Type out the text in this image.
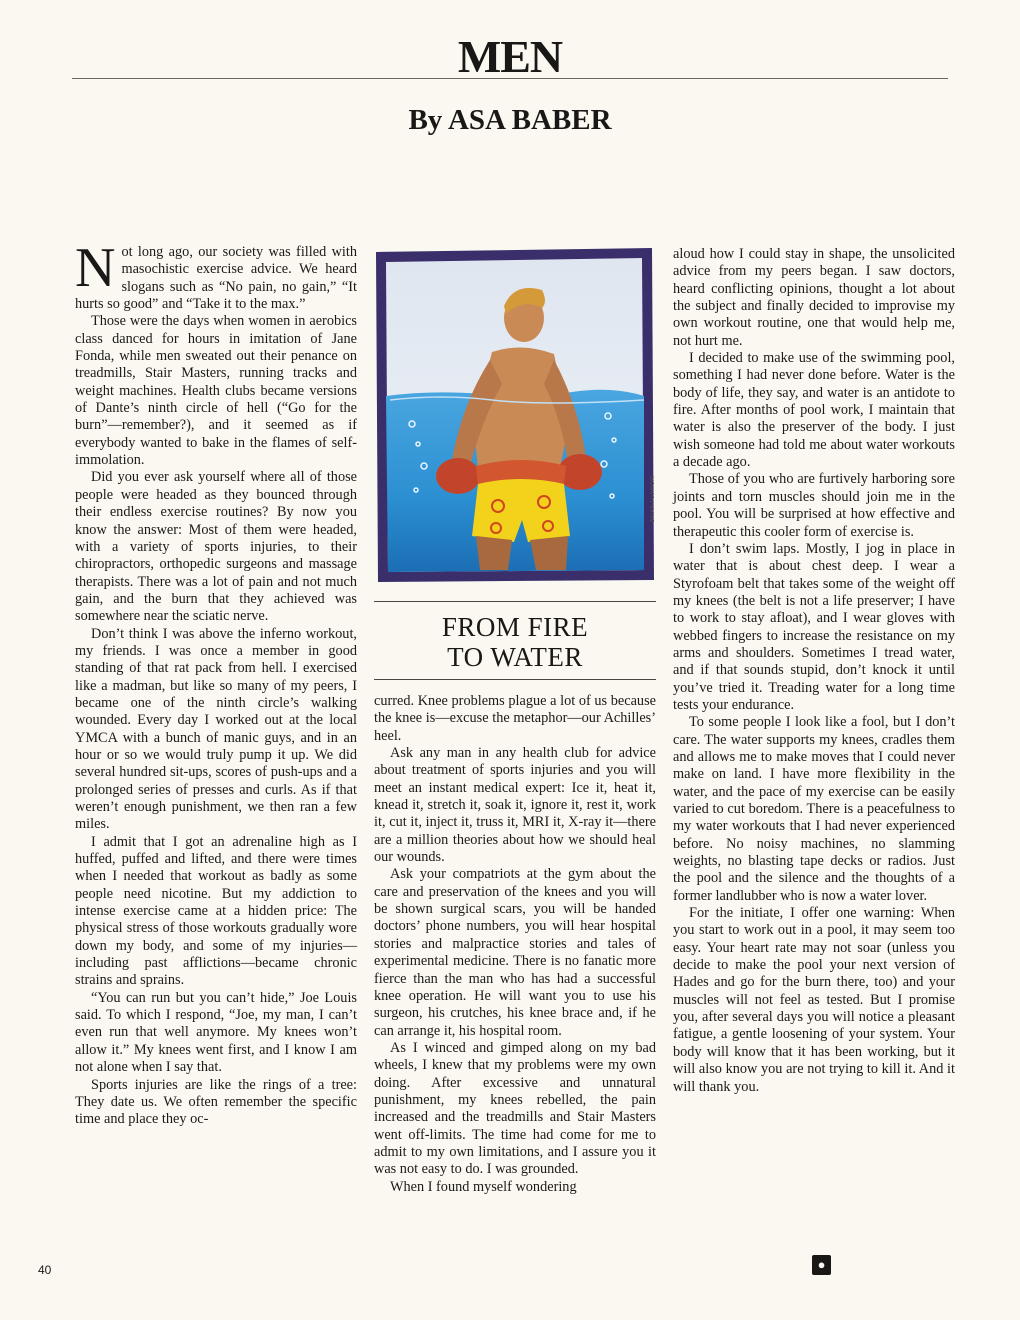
MEN
By ASA BABER

Not long ago, our society was filled with masochistic exercise advice. We heard slogans such as “No pain, no gain,” “It hurts so good” and “Take it to the max.”

Those were the days when women in aerobics class danced for hours in imitation of Jane Fonda, while men sweated out their penance on treadmills, Stair Masters, running tracks and weight machines. Health clubs became versions of Dante’s ninth circle of hell (“Go for the burn”—remember?), and it seemed as if everybody wanted to bake in the flames of self-immolation.

Did you ever ask yourself where all of those people were headed as they bounced through their endless exercise routines? By now you know the answer: Most of them were headed, with a variety of sports injuries, to their chiropractors, orthopedic surgeons and massage therapists. There was a lot of pain and not much gain, and the burn that they achieved was somewhere near the sciatic nerve.

Don’t think I was above the inferno workout, my friends. I was once a member in good standing of that rat pack from hell. I exercised like a madman, but like so many of my peers, I became one of the ninth circle’s walking wounded. Every day I worked out at the local YMCA with a bunch of manic guys, and in an hour or so we would truly pump it up. We did several hundred sit-ups, scores of push-ups and a prolonged series of presses and curls. As if that weren’t enough punishment, we then ran a few miles.

I admit that I got an adrenaline high as I huffed, puffed and lifted, and there were times when I needed that workout as badly as some people need nicotine. But my addiction to intense exercise came at a hidden price: The physical stress of those workouts gradually wore down my body, and some of my injuries—including past afflictions—became chronic strains and sprains.

“You can run but you can’t hide,” Joe Louis said. To which I respond, “Joe, my man, I can’t even run that well anymore. My knees won’t allow it.” My knees went first, and I know I am not alone when I say that.

Sports injuries are like the rings of a tree: They date us. We often remember the specific time and place they oc-

BRIAN FUJIMORI
FROM FIRE
TO WATER

curred. Knee problems plague a lot of us because the knee is—excuse the metaphor—our Achilles’ heel.

Ask any man in any health club for advice about treatment of sports injuries and you will meet an instant medical expert: Ice it, heat it, knead it, stretch it, soak it, ignore it, rest it, work it, cut it, inject it, truss it, MRI it, X-ray it—there are a million theories about how we should heal our wounds.

Ask your compatriots at the gym about the care and preservation of the knees and you will be shown surgical scars, you will be handed doctors’ phone numbers, you will hear hospital stories and malpractice stories and tales of experimental medicine. There is no fanatic more fierce than the man who has had a successful knee operation. He will want you to use his surgeon, his crutches, his knee brace and, if he can arrange it, his hospital room.

As I winced and gimped along on my bad wheels, I knew that my problems were my own doing. After excessive and unnatural punishment, my knees rebelled, the pain increased and the treadmills and Stair Masters went off-limits. The time had come for me to admit to my own limitations, and I assure you it was not easy to do. I was grounded.

When I found myself wondering

aloud how I could stay in shape, the unsolicited advice from my peers began. I saw doctors, heard conflicting opinions, thought a lot about the subject and finally decided to improvise my own workout routine, one that would help me, not hurt me.

I decided to make use of the swimming pool, something I had never done before. Water is the body of life, they say, and water is an antidote to fire. After months of pool work, I maintain that water is also the preserver of the body. I just wish someone had told me about water workouts a decade ago.

Those of you who are furtively harboring sore joints and torn muscles should join me in the pool. You will be surprised at how effective and therapeutic this cooler form of exercise is.

I don’t swim laps. Mostly, I jog in place in water that is about chest deep. I wear a Styrofoam belt that takes some of the weight off my knees (the belt is not a life preserver; I have to work to stay afloat), and I wear gloves with webbed fingers to increase the resistance on my arms and shoulders. Sometimes I tread water, and if that sounds stupid, don’t knock it until you’ve tried it. Treading water for a long time tests your endurance.

To some people I look like a fool, but I don’t care. The water supports my knees, cradles them and allows me to make moves that I could never make on land. I have more flexibility in the water, and the pace of my exercise can be easily varied to cut boredom. There is a peacefulness to my water workouts that I had never experienced before. No noisy machines, no slamming weights, no blasting tape decks or radios. Just the pool and the silence and the thoughts of a former landlubber who is now a water lover.

For the initiate, I offer one warning: When you start to work out in a pool, it may seem too easy. Your heart rate may not soar (unless you decide to make the pool your next version of Hades and go for the burn there, too) and your muscles will not feel as tested. But I promise you, after several days you will notice a pleasant fatigue, a gentle loosening of your system. Your body will know that it has been working, but it will also know you are not trying to kill it. And it will thank you.

40	●
